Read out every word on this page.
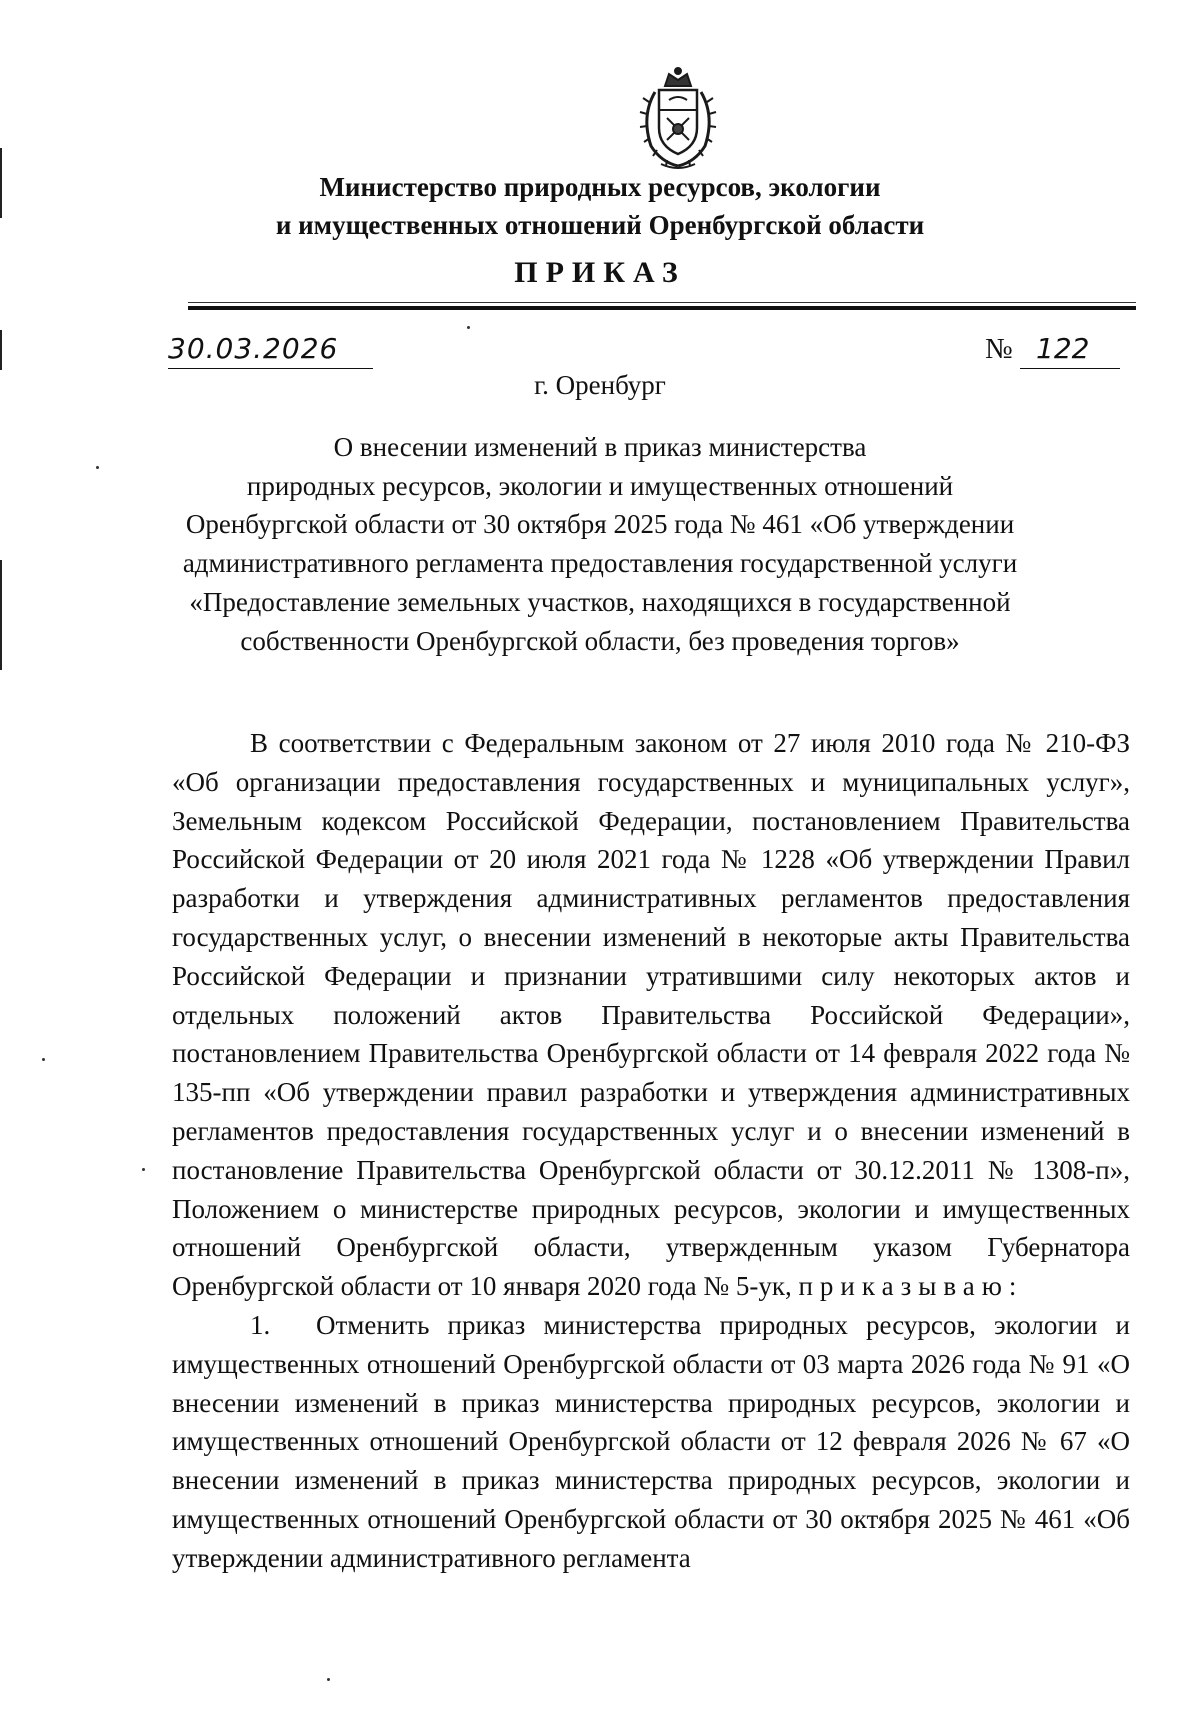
Министерство природных ресурсов, экологии
и имущественных отношений Оренбургской области
ПРИКАЗ
30.03.2026	№ 122
г. Оренбург
О внесении изменений в приказ министерства
природных ресурсов, экологии и имущественных отношений
Оренбургской области от 30 октября 2025 года № 461 «Об утверждении
административного регламента предоставления государственной услуги
«Предоставление земельных участков, находящихся в государственной
собственности Оренбургской области, без проведения торгов»

В соответствии с Федеральным законом от 27 июля 2010 года № 210-ФЗ «Об организации предоставления государственных и муниципальных услуг», Земельным кодексом Российской Федерации, постановлением Правительства Российской Федерации от 20 июля 2021 года № 1228 «Об утверждении Правил разработки и утверждения административных регламентов предоставления государственных услуг, о внесении изменений в некоторые акты Правительства Российской Федерации и признании утратившими силу некоторых актов и отдельных положений актов Правительства Российской Федерации», постановлением Правительства Оренбургской области от 14 февраля 2022 года № 135-пп «Об утверждении правил разработки и утверждения административных регламентов предоставления государственных услуг и о внесении изменений в постановление Правительства Оренбургской области от 30.12.2011 № 1308-п», Положением о министерстве природных ресурсов, экологии и имущественных отношений Оренбургской области, утвержденным указом Губернатора Оренбургской области от 10 января 2020 года № 5-ук, приказываю:

1. Отменить приказ министерства природных ресурсов, экологии и имущественных отношений Оренбургской области от 03 марта 2026 года № 91 «О внесении изменений в приказ министерства природных ресурсов, экологии и имущественных отношений Оренбургской области от 12 февраля 2026 № 67 «О внесении изменений в приказ министерства природных ресурсов, экологии и имущественных отношений Оренбургской области от 30 октября 2025 № 461 «Об утверждении административного регламента
